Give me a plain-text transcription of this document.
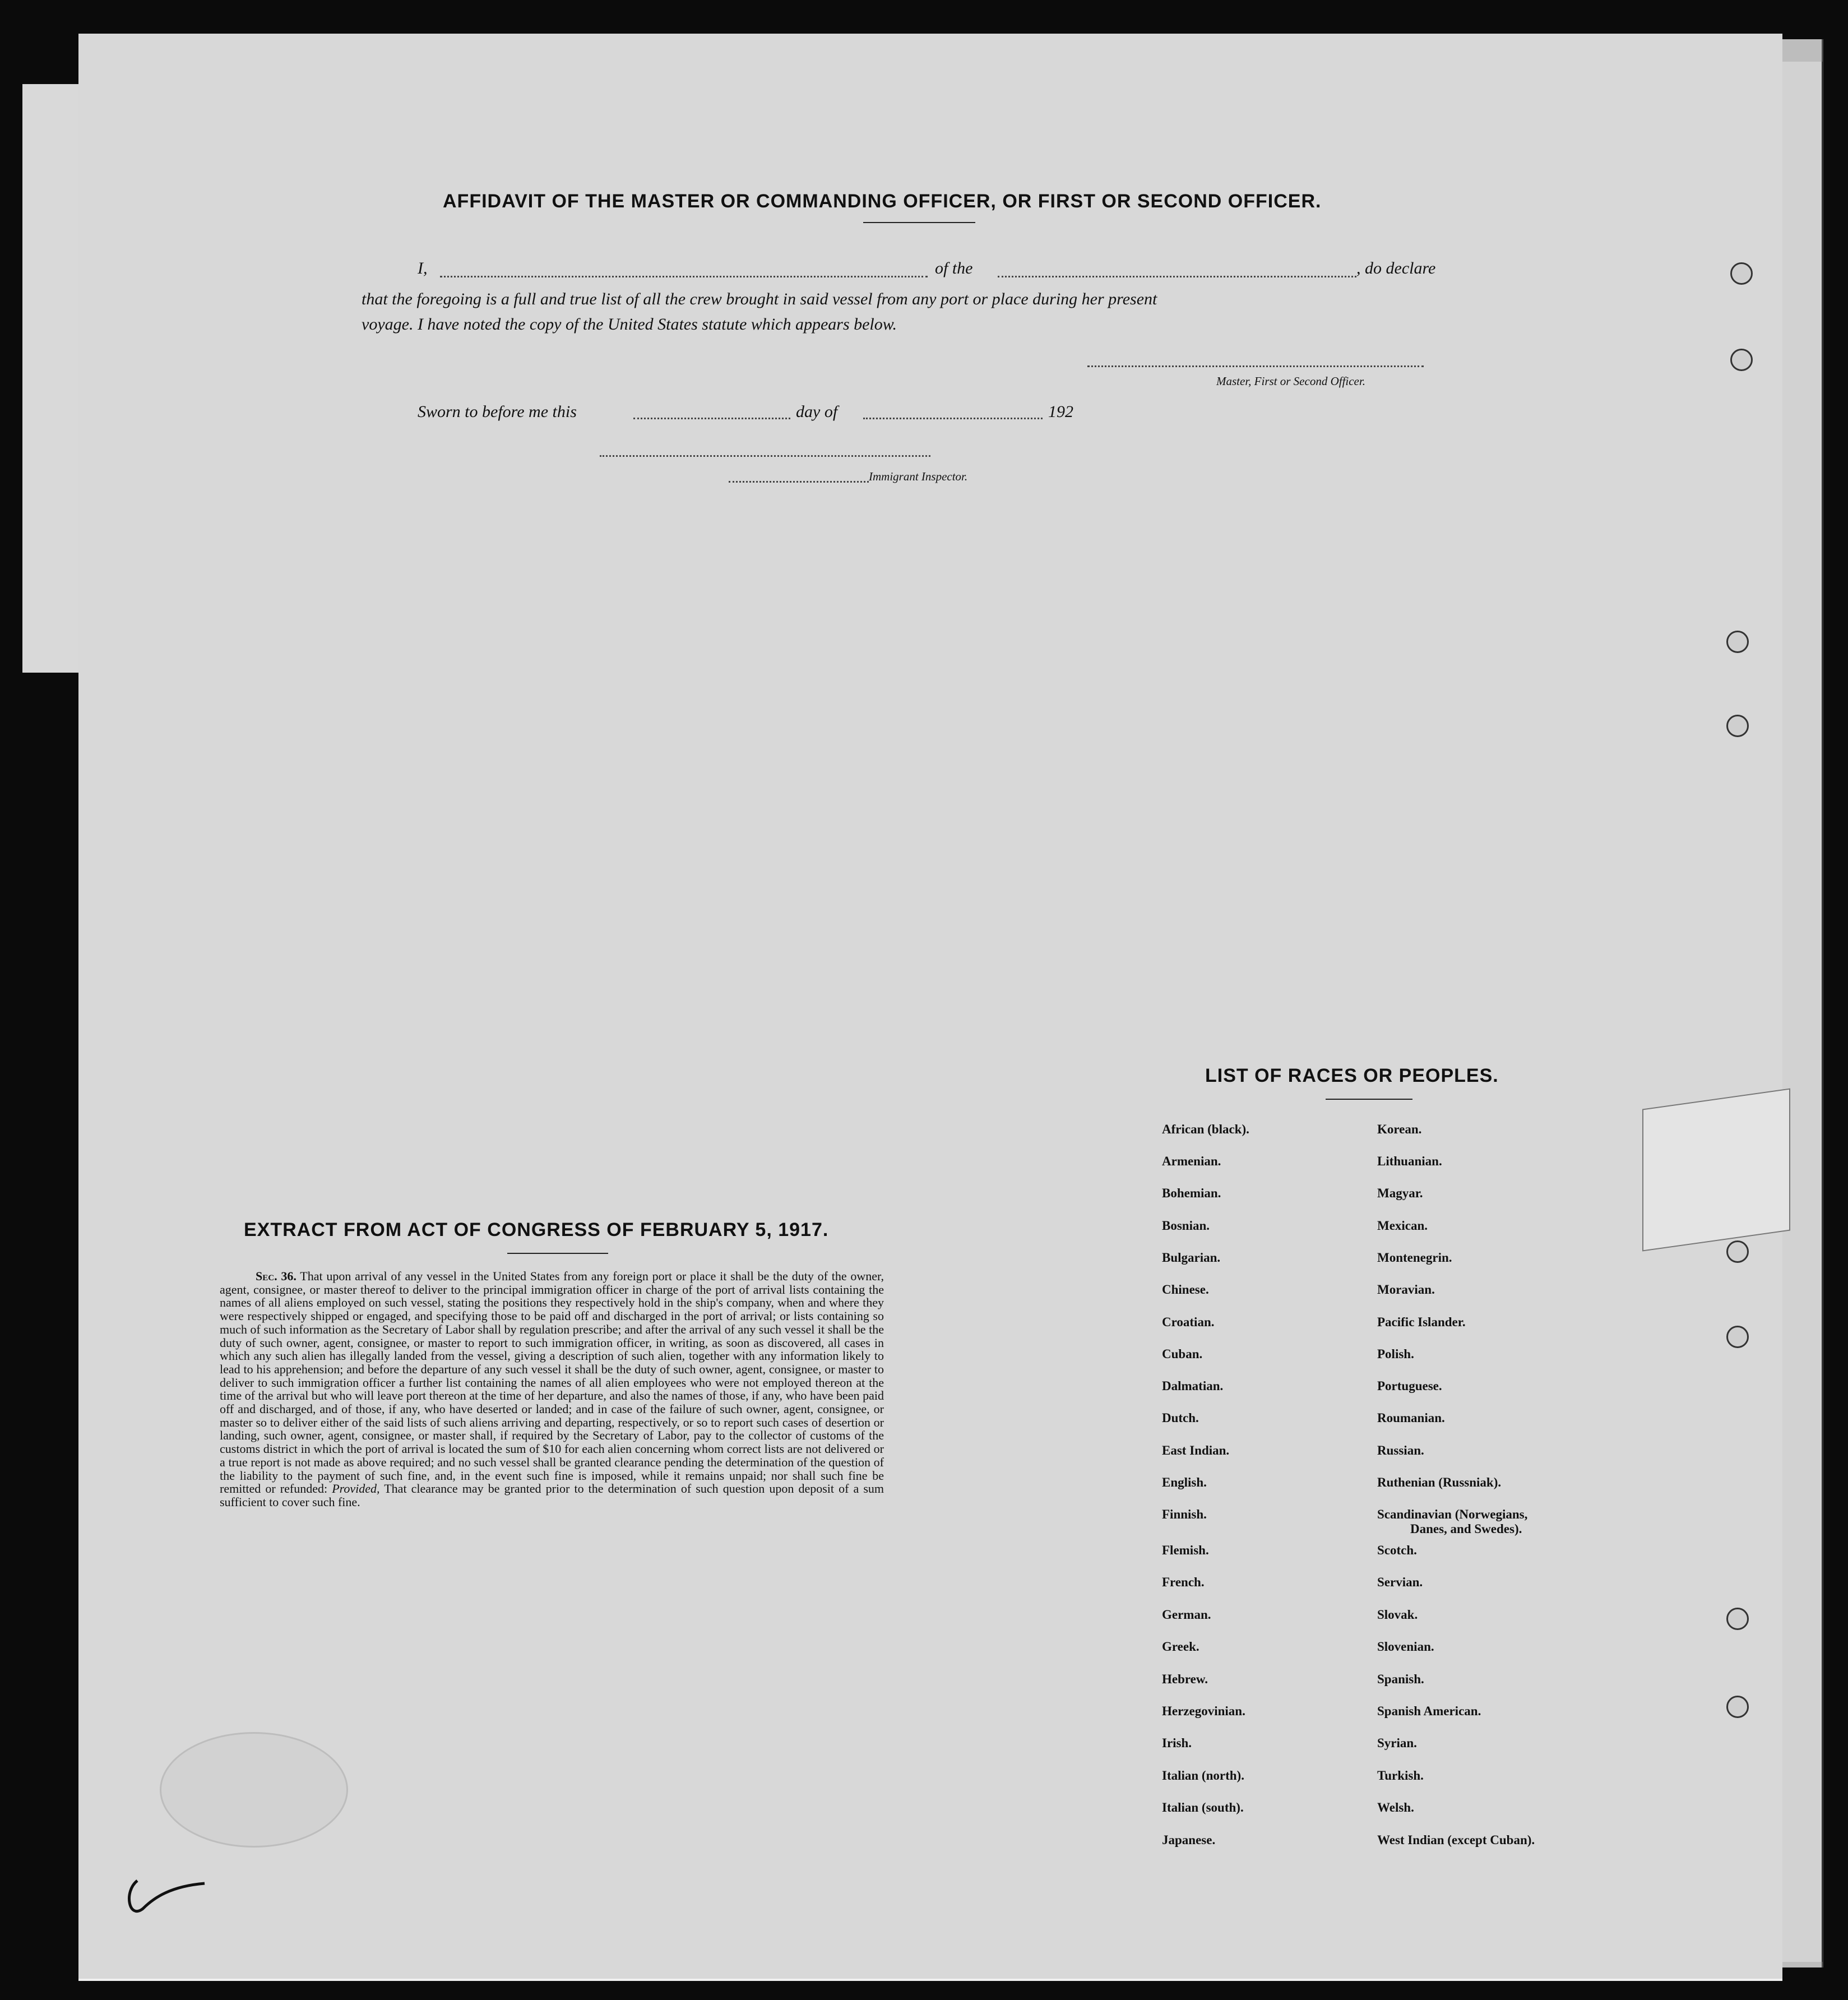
AFFIDAVIT OF THE MASTER OR COMMANDING OFFICER, OR FIRST OR SECOND OFFICER.
I,	of the	, do declare
that the foregoing is a full and true list of all the crew brought in said vessel from any port or place during her present
voyage. I have noted the copy of the United States statute which appears below.
Master, First or Second Officer.
Sworn to before me this	day of	192
Immigrant Inspector.
EXTRACT FROM ACT OF CONGRESS OF FEBRUARY 5, 1917.
Sec. 36. That upon arrival of any vessel in the United States from any foreign port or place it shall be the duty of the owner, agent, consignee, or master thereof to deliver to the principal immigration officer in charge of the port of arrival lists containing the names of all aliens employed on such vessel, stating the positions they respectively hold in the ship's company, when and where they were respectively shipped or engaged, and specifying those to be paid off and discharged in the port of arrival; or lists containing so much of such information as the Secretary of Labor shall by regulation prescribe; and after the arrival of any such vessel it shall be the duty of such owner, agent, consignee, or master to report to such immigration officer, in writing, as soon as discovered, all cases in which any such alien has illegally landed from the vessel, giving a description of such alien, together with any information likely to lead to his apprehension; and before the departure of any such vessel it shall be the duty of such owner, agent, consignee, or master to deliver to such immigration officer a further list containing the names of all alien employees who were not employed thereon at the time of the arrival but who will leave port thereon at the time of her departure, and also the names of those, if any, who have been paid off and discharged, and of those, if any, who have deserted or landed; and in case of the failure of such owner, agent, consignee, or master so to deliver either of the said lists of such aliens arriving and departing, respectively, or so to report such cases of desertion or landing, such owner, agent, consignee, or master shall, if required by the Secretary of Labor, pay to the collector of customs of the customs district in which the port of arrival is located the sum of $10 for each alien concerning whom correct lists are not delivered or a true report is not made as above required; and no such vessel shall be granted clearance pending the determination of the question of the liability to the payment of such fine, and, in the event such fine is imposed, while it remains unpaid; nor shall such fine be remitted or refunded: Provided, That clearance may be granted prior to the determination of such question upon deposit of a sum sufficient to cover such fine.
LIST OF RACES OR PEOPLES.
African (black).
Armenian.
Bohemian.
Bosnian.
Bulgarian.
Chinese.
Croatian.
Cuban.
Dalmatian.
Dutch.
East Indian.
English.
Finnish.
Flemish.
French.
German.
Greek.
Hebrew.
Herzegovinian.
Irish.
Italian (north).
Italian (south).
Japanese.
Korean.
Lithuanian.
Magyar.
Mexican.
Montenegrin.
Moravian.
Pacific Islander.
Polish.
Portuguese.
Roumanian.
Russian.
Ruthenian (Russniak).
Scandinavian (Norwegians,
Danes, and Swedes).
Scotch.
Servian.
Slovak.
Slovenian.
Spanish.
Spanish American.
Syrian.
Turkish.
Welsh.
West Indian (except Cuban).
